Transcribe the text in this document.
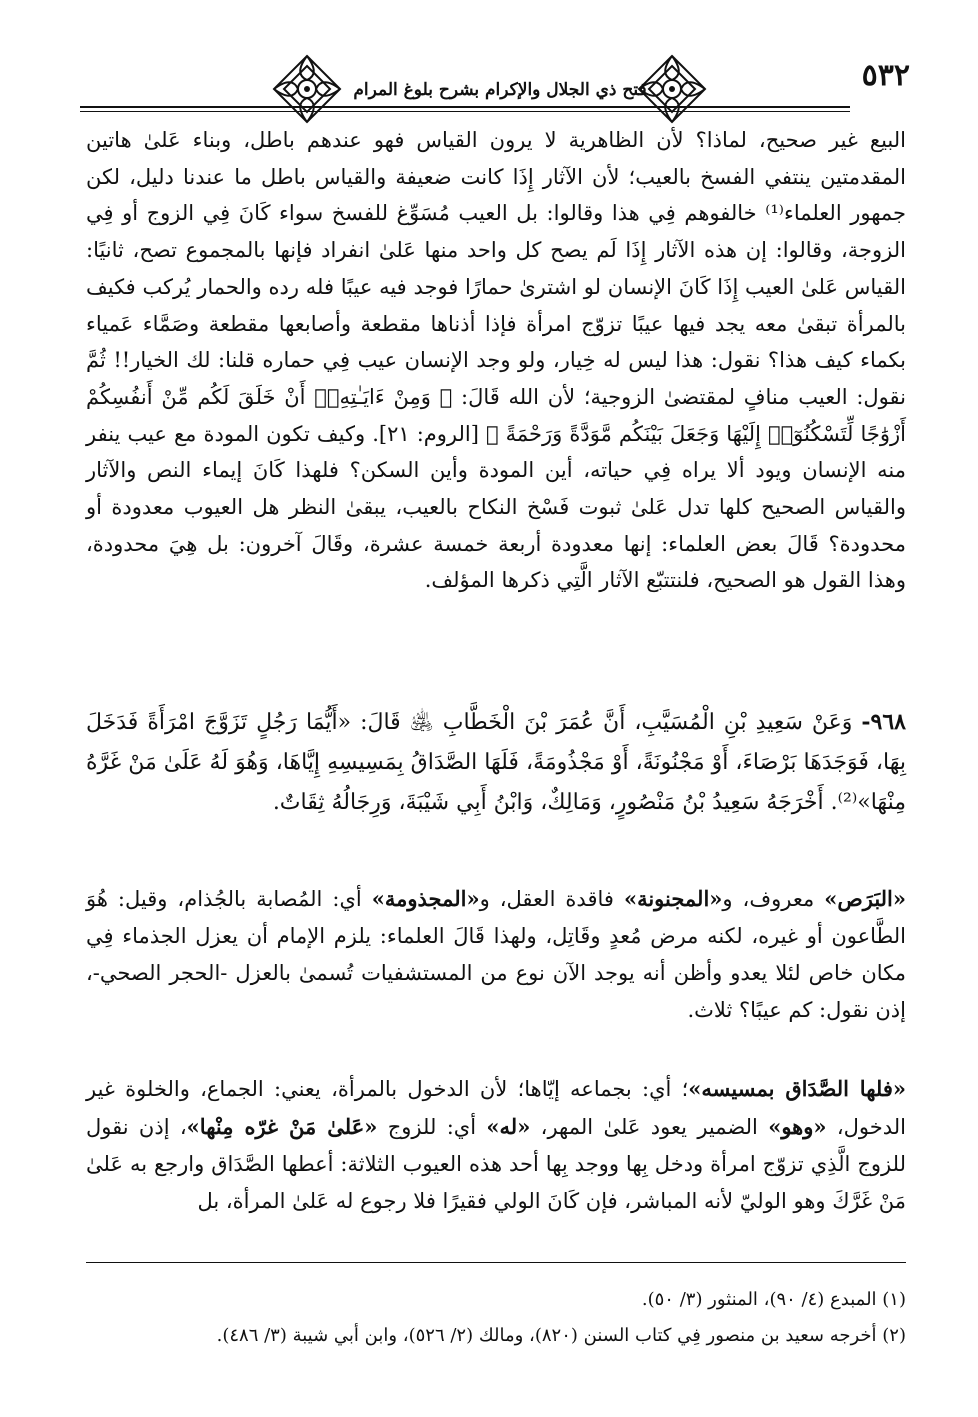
٥٣٢
فتح ذي الجلال والإكرام بشرح بلوغ المرام

البيع غير صحيح، لماذا؟ لأن الظاهرية لا يرون القياس فهو عندهم باطل، وبناء عَلىٰ هاتين المقدمتين ينتفي الفسخ بالعيب؛ لأن الآثار إِذَا كانت ضعيفة والقياس باطل ما عندنا دليل، لكن جمهور العلماء⁽¹⁾ خالفوهم فِي هذا وقالوا: بل العيب مُسَوِّغ للفسخ سواء كَانَ فِي الزوج أو فِي الزوجة، وقالوا: إن هذه الآثار إِذَا لَم يصح كل واحد منها عَلىٰ انفراد فإنها بالمجموع تصح، ثانيًا: القياس عَلىٰ العيب إِذَا كَانَ الإنسان لو اشترىٰ حمارًا فوجد فيه عيبًا فله رده والحمار يُركب فكيف بالمرأة تبقىٰ معه يجد فيها عيبًا تزوّج امرأة فإذا أذناها مقطعة وأصابعها مقطعة وصَمَّاء عَمياء بكماء كيف هذا؟ نقول: هذا ليس له خِيار، ولو وجد الإنسان عيب فِي حماره قلنا: لك الخيار!! ثُمَّ نقول: العيب منافٍ لمقتضىٰ الزوجية؛ لأن الله قَالَ: ﴿ وَمِنْ ءَايَـٰتِهِۦٓ أَنْ خَلَقَ لَكُم مِّنْ أَنفُسِكُمْ أَزْوَٰجًا لِّتَسْكُنُوٓا۟ إِلَيْهَا وَجَعَلَ بَيْنَكُم مَّوَدَّةً وَرَحْمَةً ﴾ [الروم: ٢١]. وكيف تكون المودة مع عيب ينفر منه الإنسان ويود ألا يراه فِي حياته، أين المودة وأين السكن؟ فلهذا كَانَ إيماء النص والآثار والقياس الصحيح كلها تدل عَلىٰ ثبوت فَسْخ النكاح بالعيب، يبقىٰ النظر هل العيوب معدودة أو محدودة؟ قَالَ بعض العلماء: إنها معدودة أربعة خمسة عشرة، وقَالَ آخرون: بل هِيَ محدودة، وهذا القول هو الصحيح، فلنتتبّع الآثار الَّتِي ذكرها المؤلف.

٩٦٨- وَعَنْ سَعِيدِ بْنِ الْمُسَيَّبِ، أَنَّ عُمَرَ بْنَ الْخَطَّابِ ﵁ قَالَ: «أَيُّمَا رَجُلٍ تَزَوَّجَ امْرَأَةً فَدَخَلَ بِهَا، فَوَجَدَهَا بَرْصَاءَ، أَوْ مَجْنُونَةً، أَوْ مَجْذُومَةً، فَلَهَا الصَّدَاقُ بِمَسِيسِهِ إِيَّاهَا، وَهُوَ لَهُ عَلَىٰ مَنْ غَرَّهُ مِنْهَا»⁽²⁾. أَخْرَجَهُ سَعِيدُ بْنُ مَنْصُورٍ، وَمَالِكٌ، وَابْنُ أَبِي شَيْبَةَ، وَرِجَالُهُ ثِقَاتٌ.
«البَرَص» معروف، و«المجنونة» فاقدة العقل، و«المجذومة» أي: المُصابة بالجُذام، وقيل: هُوَ الطَّاعون أو غيره، لكنه مرض مُعدٍ وقَاتِل، ولهذا قَالَ العلماء: يلزم الإمام أن يعزل الجذماء فِي مكان خاص لئلا يعدو وأظن أنه يوجد الآن نوع من المستشفيات تُسمىٰ بالعزل -الحجر الصحي-، إذن نقول: كم عيبًا؟ ثلاث.
«فلها الصَّدَاق بمسيسه»؛ أي: بجماعه إيّاها؛ لأن الدخول بالمرأة، يعني: الجماع، والخلوة غير الدخول، «وهو» الضمير يعود عَلىٰ المهر، «له» أي: للزوج «عَلىٰ مَنْ غرّه مِنْها»، إذن نقول للزوج الَّذِي تزوّج امرأة ودخل بِها ووجد بِها أحد هذه العيوب الثلاثة: أعطها الصَّدَاق وارجع به عَلىٰ مَنْ غَرَّكَ وهو الوليّ لأنه المباشر، فإن كَانَ الولي فقيرًا فلا رجوع له عَلىٰ المرأة، بل

(١) المبدع (٤/ ٩٠)، المنثور (٣/ ٥٠).

(٢) أخرجه سعيد بن منصور فِي كتاب السنن (٨٢٠)، ومالك (٢/ ٥٢٦)، وابن أبي شيبة (٣/ ٤٨٦).
